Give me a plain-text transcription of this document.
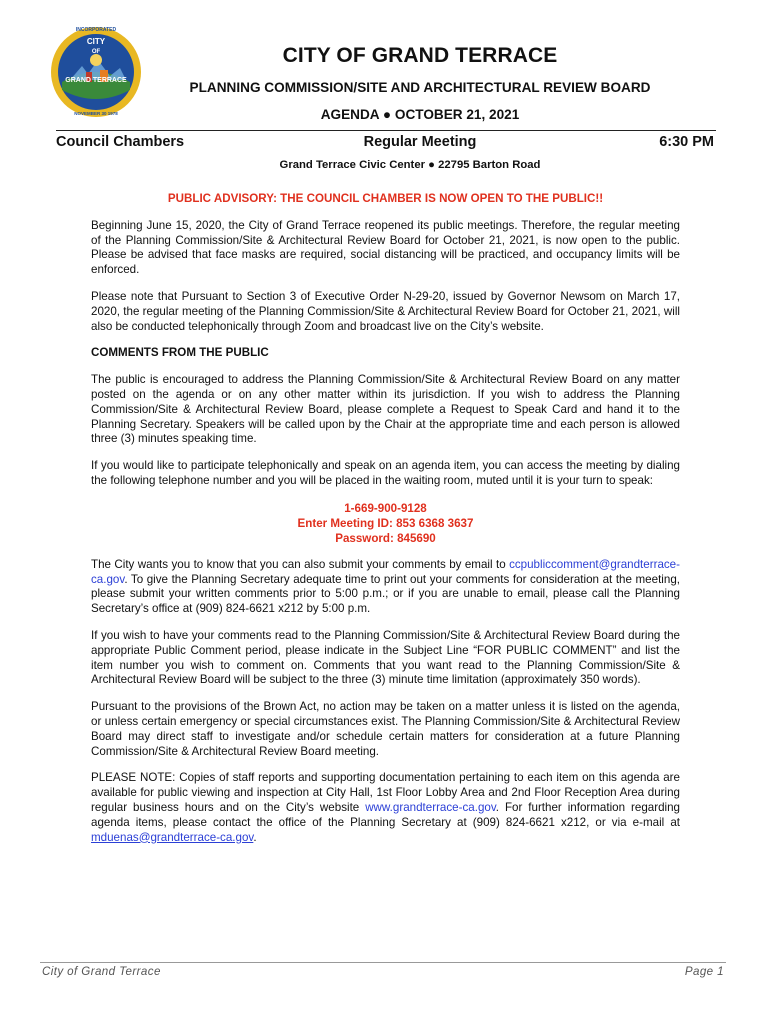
CITY
OF
GRAND TERRACE
INCORPORATED
NOVEMBER 30 1978
CITY OF GRAND TERRACE
PLANNING COMMISSION/SITE AND ARCHITECTURAL REVIEW BOARD
AGENDA ● OCTOBER 21, 2021
Council Chambers	Regular Meeting	6:30 PM
Grand Terrace Civic Center ● 22795 Barton Road
PUBLIC ADVISORY: THE COUNCIL CHAMBER IS NOW OPEN TO THE PUBLIC!!

Beginning June 15, 2020, the City of Grand Terrace reopened its public meetings. Therefore, the regular meeting of the Planning Commission/Site & Architectural Review Board for October 21, 2021, is now open to the public. Please be advised that face masks are required, social distancing will be practiced, and occupancy limits will be enforced.

Please note that Pursuant to Section 3 of Executive Order N-29-20, issued by Governor Newsom on March 17, 2020, the regular meeting of the Planning Commission/Site & Architectural Review Board for October 21, 2021, will also be conducted telephonically through Zoom and broadcast live on the City’s website.

COMMENTS FROM THE PUBLIC

The public is encouraged to address the Planning Commission/Site & Architectural Review Board on any matter posted on the agenda or on any other matter within its jurisdiction. If you wish to address the Planning Commission/Site & Architectural Review Board, please complete a Request to Speak Card and hand it to the Planning Secretary. Speakers will be called upon by the Chair at the appropriate time and each person is allowed three (3) minutes speaking time.

If you would like to participate telephonically and speak on an agenda item, you can access the meeting by dialing the following telephone number and you will be placed in the waiting room, muted until it is your turn to speak:

1-669-900-9128
Enter Meeting ID: 853 6368 3637
Password: 845690

The City wants you to know that you can also submit your comments by email to ccpubliccomment@grandterrace-ca.gov. To give the Planning Secretary adequate time to print out your comments for consideration at the meeting, please submit your written comments prior to 5:00 p.m.; or if you are unable to email, please call the Planning Secretary’s office at (909) 824-6621 x212 by 5:00 p.m.

If you wish to have your comments read to the Planning Commission/Site & Architectural Review Board during the appropriate Public Comment period, please indicate in the Subject Line “FOR PUBLIC COMMENT” and list the item number you wish to comment on. Comments that you want read to the Planning Commission/Site & Architectural Review Board will be subject to the three (3) minute time limitation (approximately 350 words).

Pursuant to the provisions of the Brown Act, no action may be taken on a matter unless it is listed on the agenda, or unless certain emergency or special circumstances exist. The Planning Commission/Site & Architectural Review Board may direct staff to investigate and/or schedule certain matters for consideration at a future Planning Commission/Site & Architectural Review Board meeting.

PLEASE NOTE: Copies of staff reports and supporting documentation pertaining to each item on this agenda are available for public viewing and inspection at City Hall, 1st Floor Lobby Area and 2nd Floor Reception Area during regular business hours and on the City’s website www.grandterrace-ca.gov. For further information regarding agenda items, please contact the office of the Planning Secretary at (909) 824-6621 x212, or via e-mail at mduenas@grandterrace-ca.gov.

City of Grand Terrace	Page 1
